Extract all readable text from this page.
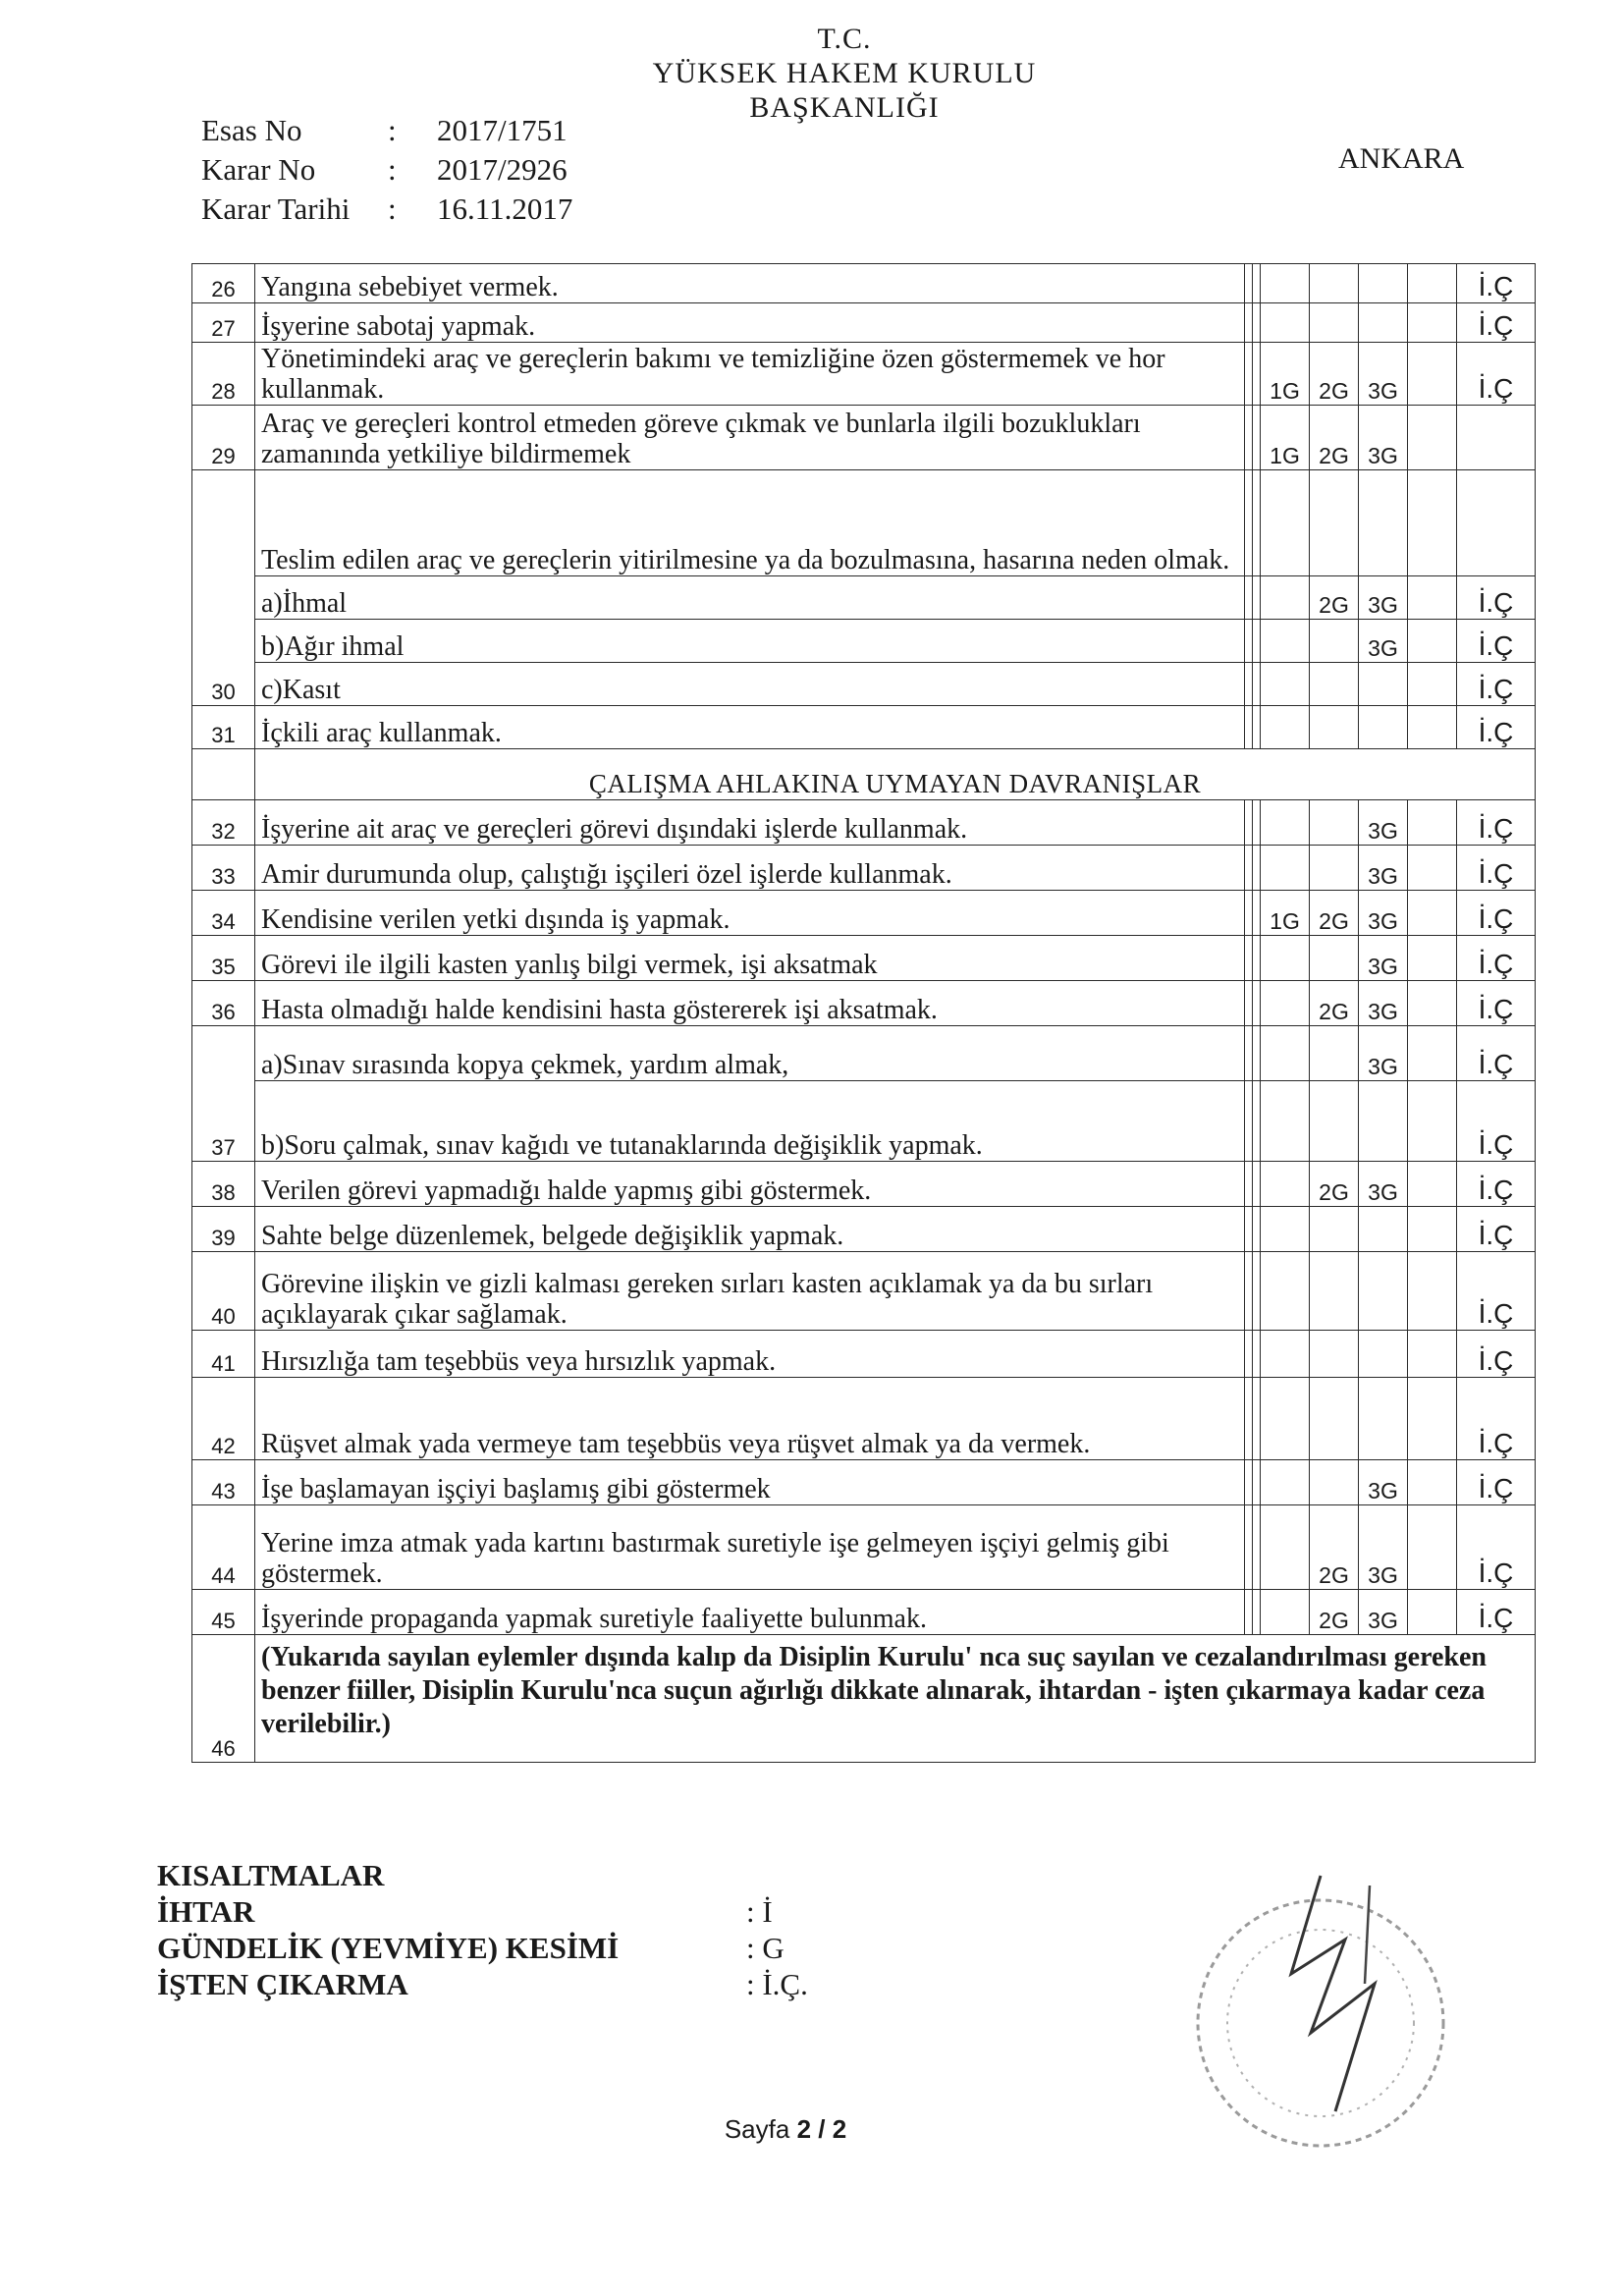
T.C.
YÜKSEK HAKEM KURULU
BAŞKANLIĞI
Esas No	:	2017/1751
Karar No	:	2017/2926
Karar Tarihi	:	16.11.2017
ANKARA
26	Yangına sebebiyet vermek.							İ.Ç
27	İşyerine sabotaj yapmak.							İ.Ç
28	Yönetimindeki araç ve gereçlerin bakımı ve temizliğine özen göstermemek ve hor kullanmak.			1G	2G	3G		İ.Ç
29	Araç ve gereçleri kontrol etmeden göreve çıkmak ve bunlarla ilgili bozuklukları zamanında yetkiliye bildirmemek			1G	2G	3G		
30	Teslim edilen araç ve gereçlerin yitirilmesine ya da bozulmasına, hasarına neden olmak.							
	a)İhmal				2G	3G		İ.Ç
	b)Ağır ihmal					3G		İ.Ç
	c)Kasıt							İ.Ç
31	İçkili araç kullanmak.							İ.Ç
	ÇALIŞMA AHLAKINA UYMAYAN DAVRANIŞLAR							
32	İşyerine ait araç ve gereçleri görevi dışındaki işlerde kullanmak.					3G		İ.Ç
33	Amir durumunda olup, çalıştığı işçileri özel işlerde kullanmak.					3G		İ.Ç
34	Kendisine verilen yetki dışında iş yapmak.			1G	2G	3G		İ.Ç
35	Görevi ile ilgili kasten yanlış bilgi vermek, işi aksatmak					3G		İ.Ç
36	Hasta olmadığı halde kendisini hasta göstererek işi aksatmak.				2G	3G		İ.Ç
37	a)Sınav sırasında kopya çekmek, yardım almak,					3G		İ.Ç
	b)Soru çalmak, sınav kağıdı ve tutanaklarında değişiklik yapmak.							İ.Ç
38	Verilen görevi yapmadığı halde yapmış gibi göstermek.				2G	3G		İ.Ç
39	Sahte belge düzenlemek, belgede değişiklik yapmak.							İ.Ç
40	Görevine ilişkin ve gizli kalması gereken sırları kasten açıklamak ya da bu sırları açıklayarak çıkar sağlamak.							İ.Ç
41	Hırsızlığa tam teşebbüs veya hırsızlık yapmak.							İ.Ç
42	Rüşvet almak yada vermeye tam teşebbüs veya rüşvet almak ya da vermek.							İ.Ç
43	İşe başlamayan işçiyi başlamış gibi göstermek					3G		İ.Ç
44	Yerine imza atmak yada kartını bastırmak suretiyle işe gelmeyen işçiyi gelmiş gibi göstermek.				2G	3G		İ.Ç
45	İşyerinde propaganda yapmak suretiyle faaliyette bulunmak.				2G	3G		İ.Ç
46	(Yukarıda sayılan eylemler dışında kalıp da Disiplin Kurulu' nca suç sayılan ve cezalandırılması gereken benzer fiiller, Disiplin Kurulu'nca suçun ağırlığı dikkate alınarak, ihtardan - işten çıkarmaya kadar ceza verilebilir.)							
KISALTMALAR
İHTAR	: İ
GÜNDELİK (YEVMİYE) KESİMİ	: G
İŞTEN ÇIKARMA	: İ.Ç.
Sayfa 2 / 2
